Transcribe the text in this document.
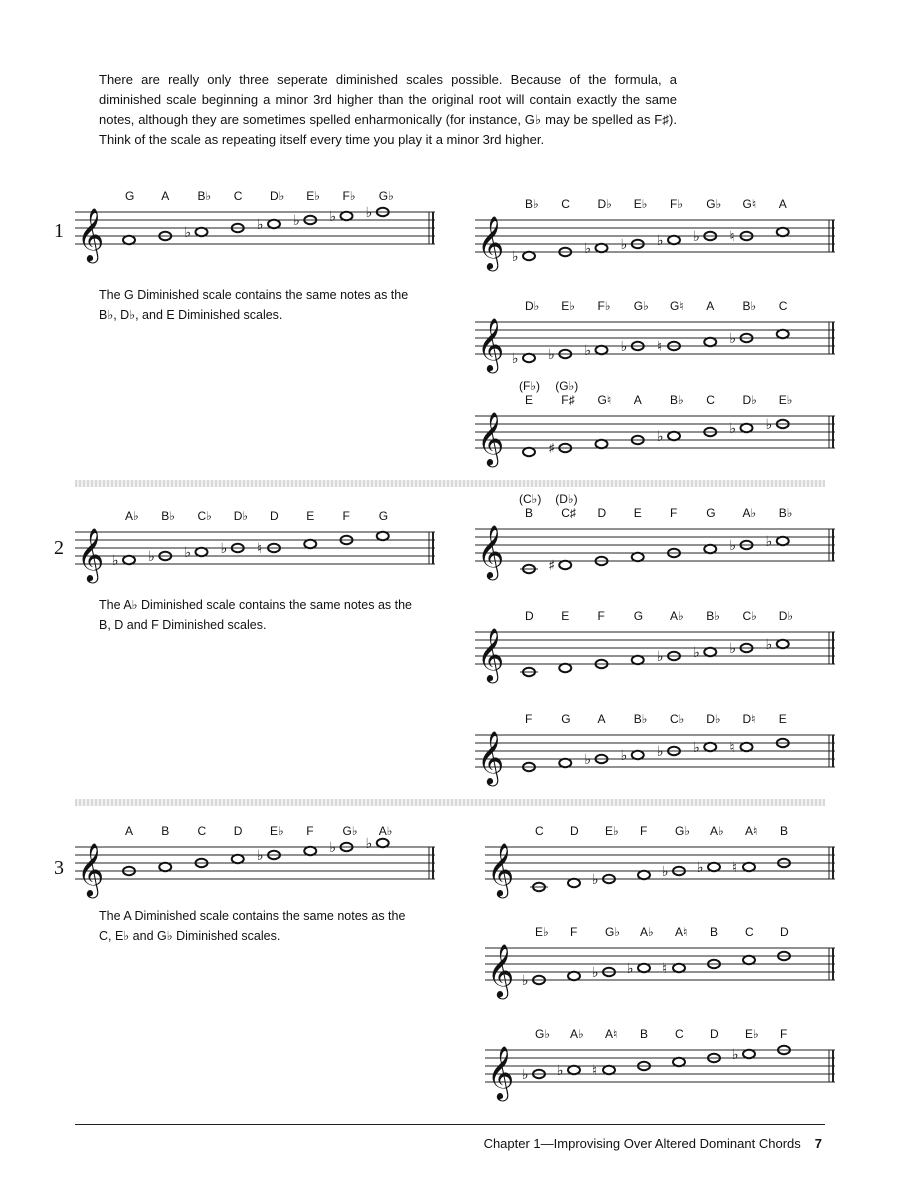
There are really only three seperate diminished scales possible. Because of the formula, a diminished scale beginning a minor 3rd higher than the original root will contain exactly the same notes, although they are sometimes spelled enharmonically (for instance, G♭ may be spelled as F♯). Think of the scale as repeating itself every time you play it a minor 3rd higher.
1 𝄞
G A
♭
B♭ C
♭
D♭
♭
E♭
♭
F♭
♭
G♭
The G Diminished scale contains the same notes as the B♭, D♭, and E Diminished scales.
𝄞 ♭
B♭ C
♭
D♭
♭
E♭
♭
F♭
♭
G♭
♮
G♮ A
𝄞 ♭
D♭
♭
E♭
♭
F♭
♭
G♭
♮
G♮ A
♭
B♭ C
𝄞
E
(F♭)
♯
F♯
(G♭)
G♮ A
♭
B♭ C
♭
D♭
♭
E♭
2 𝄞 ♭
A♭
♭
B♭
♭
C♭
♭
D♭
♮
D E F G
The A♭ Diminished scale contains the same notes as the B, D and F Diminished scales.
𝄞
B
(C♭)
♯
C♯
(D♭)
D E F G
♭
A♭
♭
B♭
𝄞
D E F G
♭
A♭
♭
B♭
♭
C♭
♭
D♭
𝄞
F G
♭
A
♭
B♭
♭
C♭
♭
D♭
♮
D♮ E
3 𝄞
A B C D
♭
E♭ F
♭
G♭
♭
A♭
The A Diminished scale contains the same notes as the C, E♭ and G♭ Diminished scales.
𝄞
C D
♭
E♭ F
♭
G♭
♭
A♭
♮
A♮ B
𝄞 ♭
E♭ F
♭
G♭
♭
A♭
♮
A♮ B C D
𝄞 ♭
G♭
♭
A♭
♮
A♮ B C D
♭
E♭ F
Chapter 1—Improvising Over Altered Dominant Chords 7
